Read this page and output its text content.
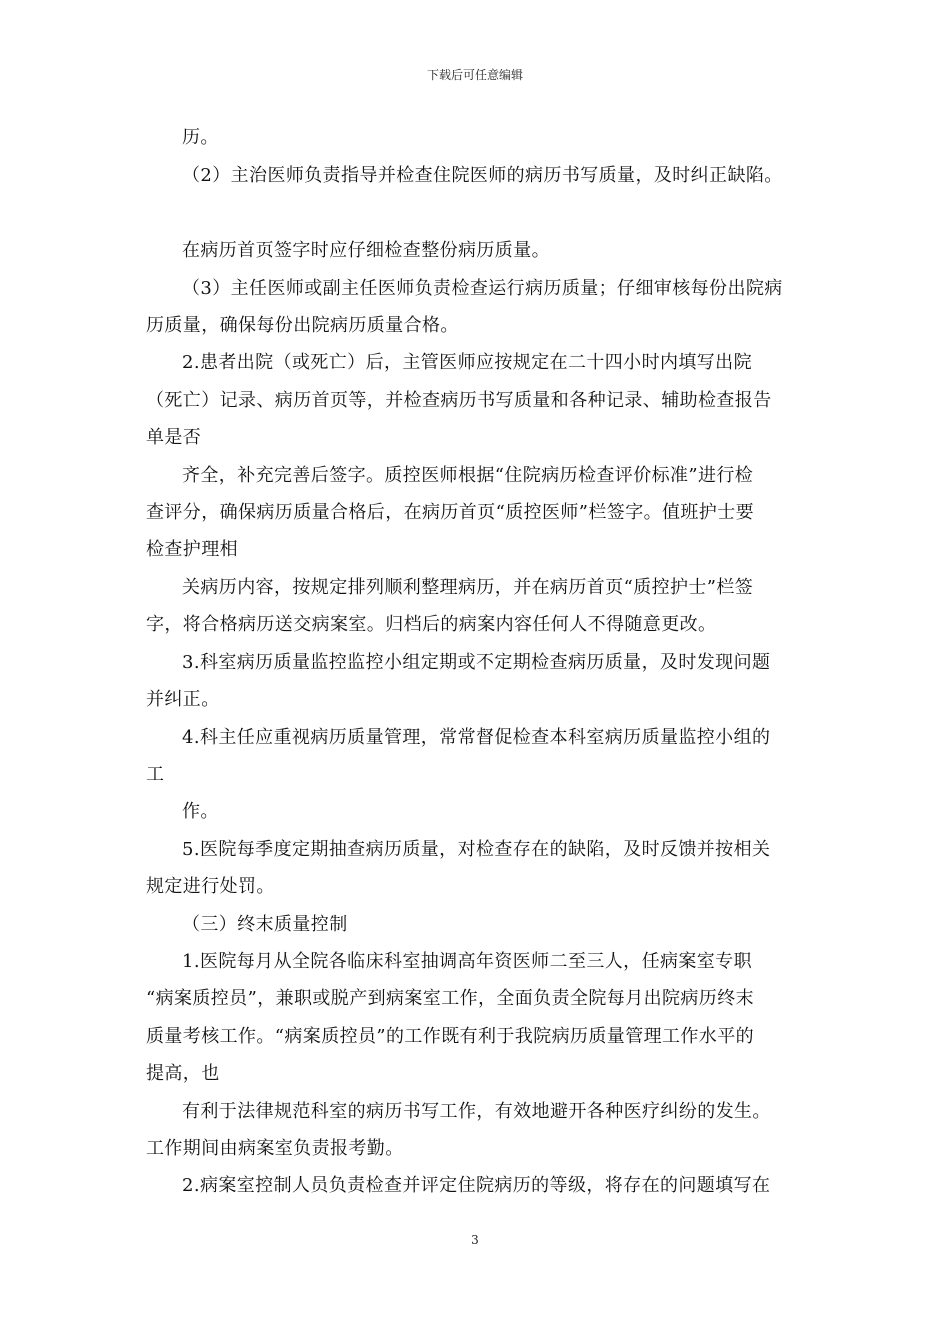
下载后可任意编辑
历。
（2）主治医师负责指导并检查住院医师的病历书写质量，及时纠正缺陷。
在病历首页签字时应仔细检查整份病历质量。
（3）主任医师或副主任医师负责检查运行病历质量；仔细审核每份出院病
历质量，确保每份出院病历质量合格。
2.患者出院（或死亡）后，主管医师应按规定在二十四小时内填写出院
（死亡）记录、病历首页等，并检查病历书写质量和各种记录、辅助检查报告
单是否
齐全，补充完善后签字。质控医师根据“住院病历检查评价标准”进行检
查评分，确保病历质量合格后，在病历首页“质控医师”栏签字。值班护士要
检查护理相
关病历内容，按规定排列顺利整理病历，并在病历首页“质控护士”栏签
字，将合格病历送交病案室。归档后的病案内容任何人不得随意更改。
3.科室病历质量监控监控小组定期或不定期检查病历质量，及时发现问题
并纠正。
4.科主任应重视病历质量管理，常常督促检查本科室病历质量监控小组的
工
作。
5.医院每季度定期抽查病历质量，对检查存在的缺陷，及时反馈并按相关
规定进行处罚。
（三）终末质量控制
1.医院每月从全院各临床科室抽调高年资医师二至三人，任病案室专职
“病案质控员”，兼职或脱产到病案室工作，全面负责全院每月出院病历终末
质量考核工作。“病案质控员”的工作既有利于我院病历质量管理工作水平的
提高，也
有利于法律规范科室的病历书写工作，有效地避开各种医疗纠纷的发生。
工作期间由病案室负责报考勤。
2.病案室控制人员负责检查并评定住院病历的等级，将存在的问题填写在
3
